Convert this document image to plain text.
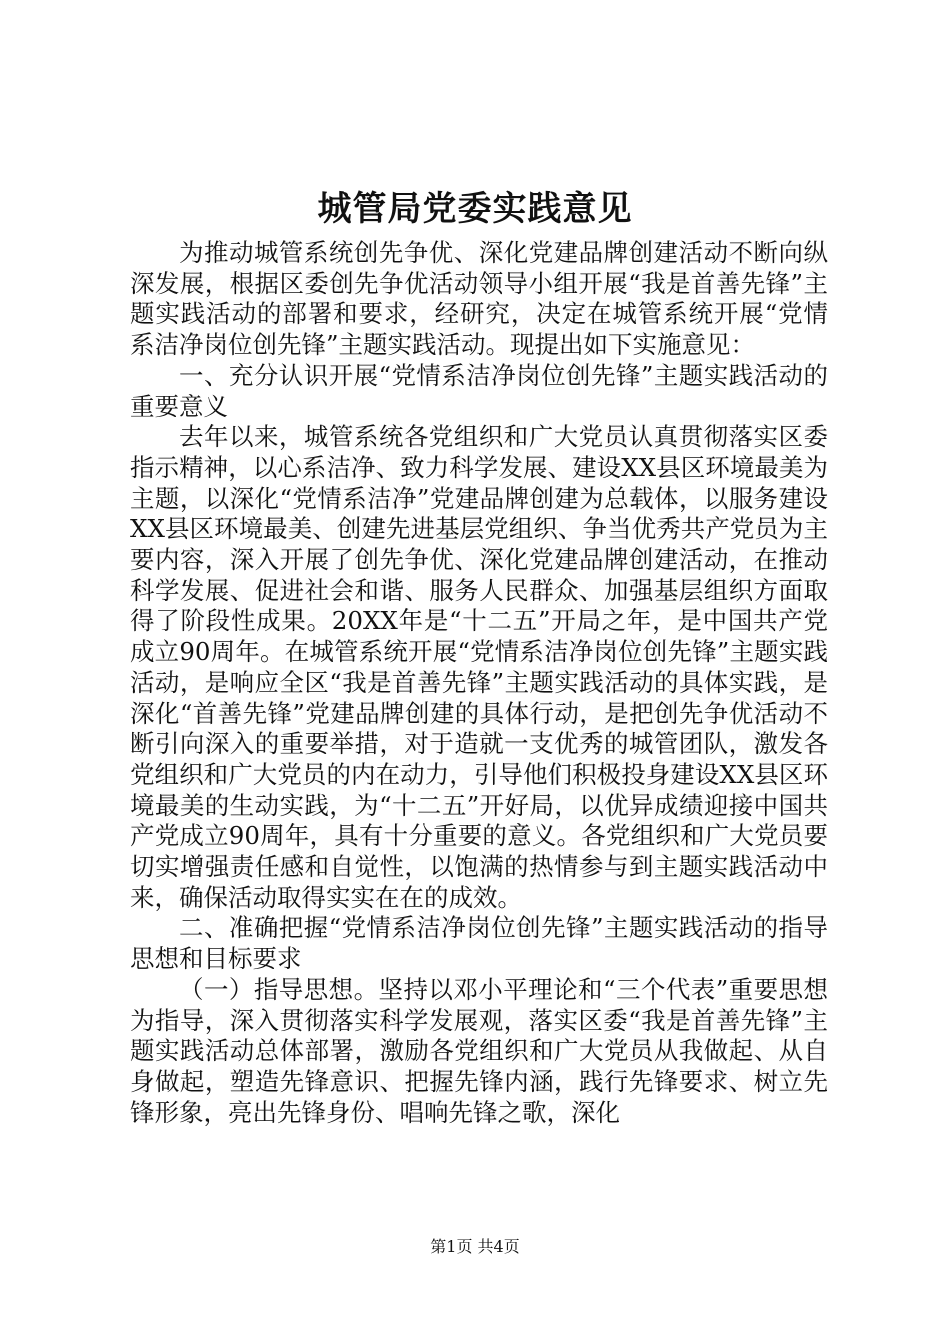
城管局党委实践意见

为推动城管系统创先争优、深化党建品牌创建活动不断向纵深发展，根据区委创先争优活动领导小组开展“我是首善先锋”主题实践活动的部署和要求，经研究，决定在城管系统开展“党情系洁净岗位创先锋”主题实践活动。现提出如下实施意见：

一、充分认识开展“党情系洁净岗位创先锋”主题实践活动的重要意义

去年以来，城管系统各党组织和广大党员认真贯彻落实区委指示精神，以心系洁净、致力科学发展、建设XX县区环境最美为主题，以深化“党情系洁净”党建品牌创建为总载体，以服务建设XX县区环境最美、创建先进基层党组织、争当优秀共产党员为主要内容，深入开展了创先争优、深化党建品牌创建活动，在推动科学发展、促进社会和谐、服务人民群众、加强基层组织方面取得了阶段性成果。20XX年是“十二五”开局之年，是中国共产党成立90周年。在城管系统开展“党情系洁净岗位创先锋”主题实践活动，是响应全区“我是首善先锋”主题实践活动的具体实践，是深化“首善先锋”党建品牌创建的具体行动，是把创先争优活动不断引向深入的重要举措，对于造就一支优秀的城管团队，激发各党组织和广大党员的内在动力，引导他们积极投身建设XX县区环境最美的生动实践，为“十二五”开好局，以优异成绩迎接中国共产党成立90周年，具有十分重要的意义。各党组织和广大党员要切实增强责任感和自觉性，以饱满的热情参与到主题实践活动中来，确保活动取得实实在在的成效。

二、准确把握“党情系洁净岗位创先锋”主题实践活动的指导思想和目标要求

（一）指导思想。坚持以邓小平理论和“三个代表”重要思想为指导，深入贯彻落实科学发展观，落实区委“我是首善先锋”主题实践活动总体部署，激励各党组织和广大党员从我做起、从自身做起，塑造先锋意识、把握先锋内涵，践行先锋要求、树立先锋形象，亮出先锋身份、唱响先锋之歌，深化

第1页 共4页
